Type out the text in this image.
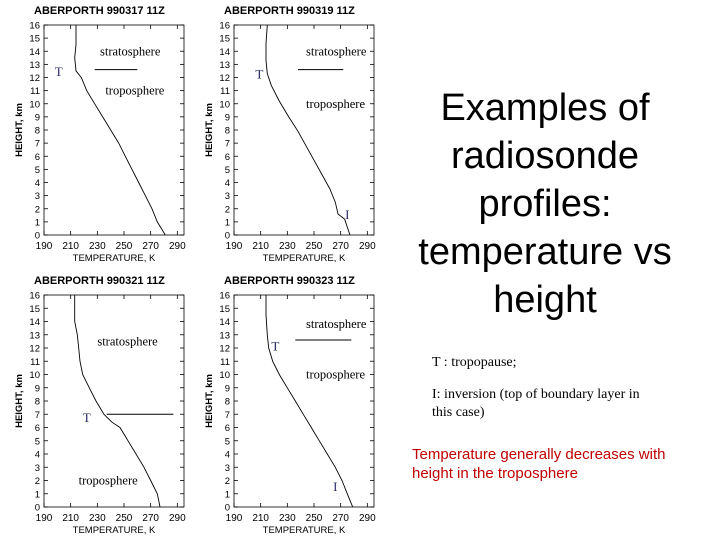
ABERPORTH 990317 11Z
0
1
2
3
4
5
6
7
8
9
10
11
12
13
14
15
16
190 210 230 250 270 290
TEMPERATURE, K
HEIGHT, km
T
stratosphere
troposphere
ABERPORTH 990319 11Z
0
1
2
3
4
5
6
7
8
9
10
11
12
13
14
15
16
190 210 230 250 270 290
TEMPERATURE, K
HEIGHT, km
T
stratosphere
troposphere
I
ABERPORTH 990321 11Z
0
1
2
3
4
5
6
7
8
9
10
11
12
13
14
15
16
190 210 230 250 270 290
TEMPERATURE, K
HEIGHT, km	T
stratosphere
troposphere
ABERPORTH 990323 11Z
0
1
2
3
4
5
6
7
8
9
10
11
12
13
14
15
16
190 210 230 250 270 290
TEMPERATURE, K
HEIGHT, km
T
stratosphere
troposphere
I
Examples of radiosonde profiles: temperature vs height
T : tropopause;
I: inversion (top of boundary layer in this case)
Temperature generally decreases with height in the troposphere
